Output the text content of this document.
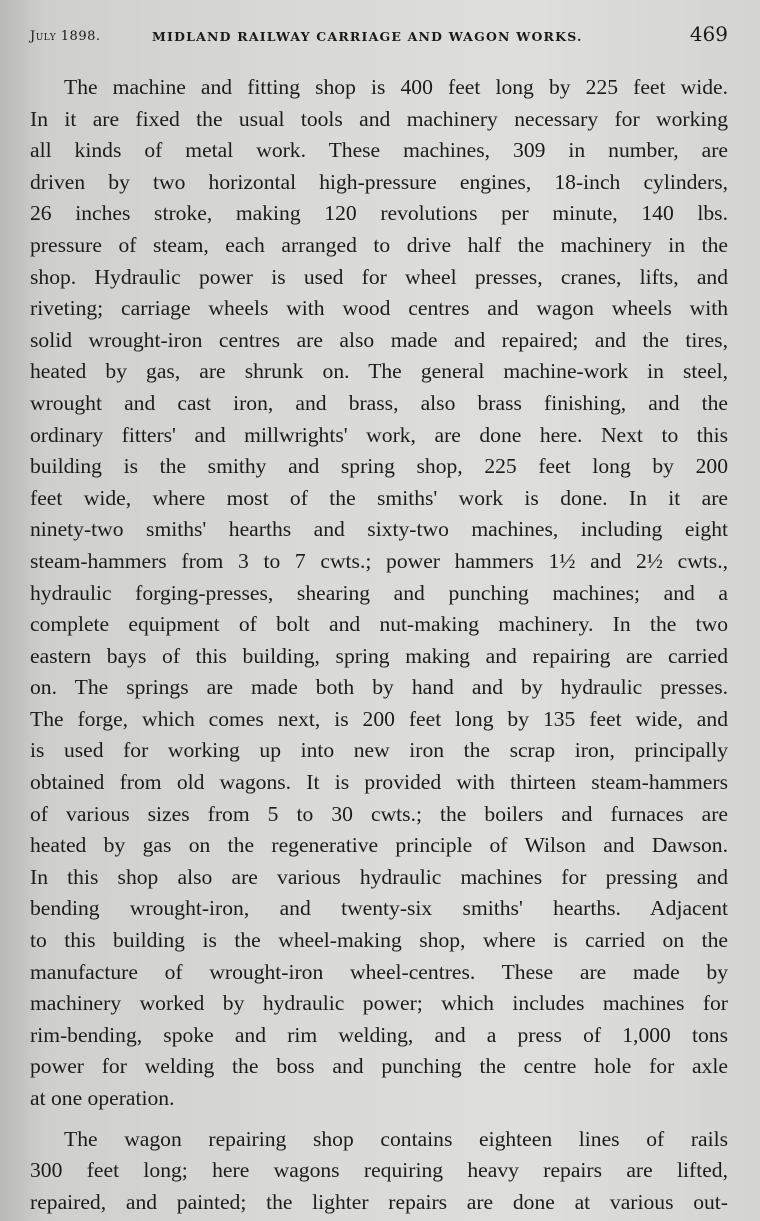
July 1898.	MIDLAND RAILWAY CARRIAGE AND WAGON WORKS.	469
The machine and fitting shop is 400 feet long by 225 feet wide.
In it are fixed the usual tools and machinery necessary for working
all kinds of metal work. These machines, 309 in number, are
driven by two horizontal high-pressure engines, 18-inch cylinders,
26 inches stroke, making 120 revolutions per minute, 140 lbs.
pressure of steam, each arranged to drive half the machinery in the
shop. Hydraulic power is used for wheel presses, cranes, lifts, and
riveting; carriage wheels with wood centres and wagon wheels with
solid wrought-iron centres are also made and repaired; and the tires,
heated by gas, are shrunk on. The general machine-work in steel,
wrought and cast iron, and brass, also brass finishing, and the
ordinary fitters' and millwrights' work, are done here. Next to this
building is the smithy and spring shop, 225 feet long by 200
feet wide, where most of the smiths' work is done. In it are
ninety-two smiths' hearths and sixty-two machines, including eight
steam-hammers from 3 to 7 cwts.; power hammers 1½ and 2½ cwts.,
hydraulic forging-presses, shearing and punching machines; and a
complete equipment of bolt and nut-making machinery. In the two
eastern bays of this building, spring making and repairing are carried
on. The springs are made both by hand and by hydraulic presses.
The forge, which comes next, is 200 feet long by 135 feet wide, and
is used for working up into new iron the scrap iron, principally
obtained from old wagons. It is provided with thirteen steam-hammers
of various sizes from 5 to 30 cwts.; the boilers and furnaces are
heated by gas on the regenerative principle of Wilson and Dawson.
In this shop also are various hydraulic machines for pressing and
bending wrought-iron, and twenty-six smiths' hearths. Adjacent
to this building is the wheel-making shop, where is carried on the
manufacture of wrought-iron wheel-centres. These are made by
machinery worked by hydraulic power; which includes machines for
rim-bending, spoke and rim welding, and a press of 1,000 tons
power for welding the boss and punching the centre hole for axle
at one operation.
The wagon repairing shop contains eighteen lines of rails
300 feet long; here wagons requiring heavy repairs are lifted,
repaired, and painted; the lighter repairs are done at various out-
